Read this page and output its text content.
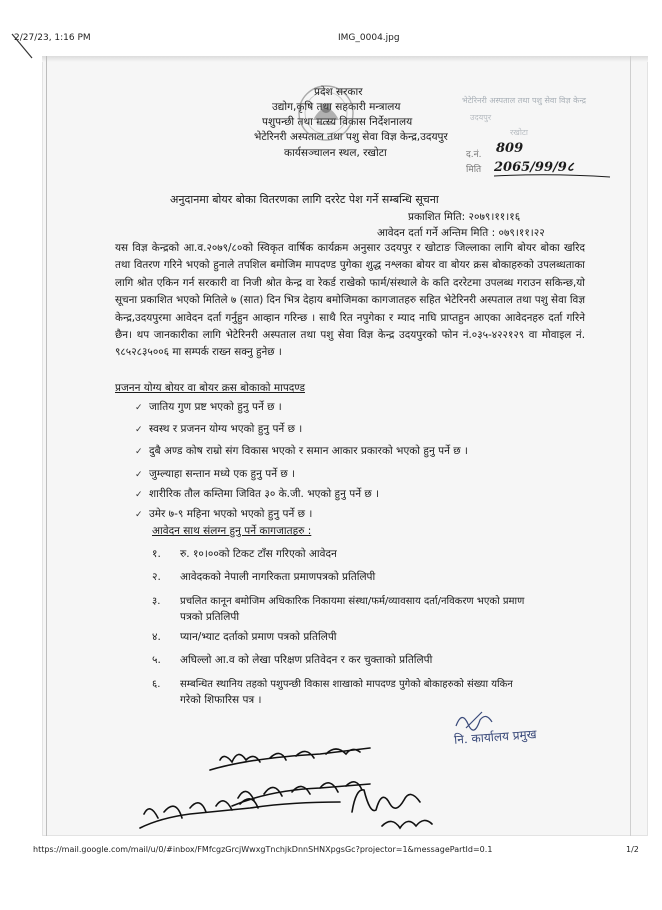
2/27/23, 1:16 PM	IMG_0004.jpg
प्रदेश सरकार
उद्योग,कृषि तथा सहकारी मन्त्रालय
पशुपन्छी तथा मत्स्य विकास निर्देशनालय
भेटेरिनरी अस्पताल तथा पशु सेवा विज्ञ केन्द्र,उदयपुर
कार्यसञ्चालन स्थल, रखोटा
भेटेरिनरी अस्पताल तथा पशु सेवा विज्ञ केन्द्र
उदयपुर
रखोटा
द.नं. 809
मिति 2065/99/9८
अनुदानमा बोयर बोका वितरणका लागि दररेट पेश गर्ने सम्बन्धि सूचना
प्रकाशित मिति: २०७९।११।१६
आवेदन दर्ता गर्ने अन्तिम मिति : ०७९।११।२२
यस विज्ञ केन्द्रको आ.व.२०७९/८०को स्विकृत वार्षिक कार्यक्रम अनुसार उदयपुर र खोटाङ जिल्लाका लागि बोयर बोका खरिद तथा वितरण गरिने भएको हुनाले तपशिल बमोजिम मापदण्ड पुगेका शुद्ध नश्लका बोयर वा बोयर क्रस बोकाहरुको उपलब्धताका लागि श्रोत एकिन गर्न सरकारी वा निजी श्रोत केन्द्र वा रेकर्ड राखेको फार्म/संस्थाले के कति दररेटमा उपलब्ध गराउन सकिन्छ,यो सूचना प्रकाशित भएको मितिले ७ (सात) दिन भित्र देहाय बमोजिमका कागजातहरु सहित भेटेरिनरी अस्पताल तथा पशु सेवा विज्ञ केन्द्र,उदयपुरमा आवेदन दर्ता गर्नुहुन आव्हान गरिन्छ । साथै रित नपुगेका र म्याद नाघि प्राप्तहुन आएका आवेदनहरु दर्ता गरिने छैन। थप जानकारीका लागि भेटेरिनरी अस्पताल तथा पशु सेवा विज्ञ केन्द्र उदयपुरको फोन नं.०३५-४२२१२९ वा मोवाइल नं. ९८५२८३५००६ मा सम्पर्क राख्न सक्नु हुनेछ ।
प्रजनन योग्य बोयर वा बोयर क्रस बोकाको मापदण्ड
✓ जातिय गुण प्रष्ट भएको हुनु पर्ने छ ।
✓ स्वस्थ र प्रजनन योग्य भएको हुनु पर्ने छ ।
✓ दुबै अण्ड कोष राम्रो संग विकास भएको र समान आकार प्रकारको भएको हुनु पर्ने छ ।
✓ जुम्ल्याहा सन्तान मध्ये एक हुनु पर्ने छ ।
✓ शारीरिक तौल कम्तिमा जिवित ३० के.जी. भएको हुनु पर्ने छ ।
✓ उमेर ७-९ महिना भएको भएको हुनु पर्ने छ ।
आवेदन साथ संलग्न हुनु पर्ने कागजातहरु :
१. रु. १०।००को टिकट टाँस गरिएको आवेदन
२. आवेदकको नेपाली नागरिकता प्रमाणपत्रको प्रतिलिपी
३. प्रचलित कानून बमोजिम अधिकारिक निकायमा संस्था/फर्म/व्यावसाय दर्ता/नविकरण भएको प्रमाण
पत्रको प्रतिलिपी
४. प्यान/भ्याट दर्ताको प्रमाण पत्रको प्रतिलिपी
५. अघिल्लो आ.व को लेखा परिक्षण प्रतिवेदन र कर चुक्ताको प्रतिलिपी
६. सम्बन्धित स्थानिय तहको पशुपन्छी विकास शाखाको मापदण्ड पुगेको बोकाहरुको संख्या यकिन
गरेको शिफारिस पत्र ।
नि. कार्यालय प्रमुख
https://mail.google.com/mail/u/0/#inbox/FMfcgzGrcjWwxgTnchjkDnnSHNXpgsGc?projector=1&messagePartId=0.1	1/2
